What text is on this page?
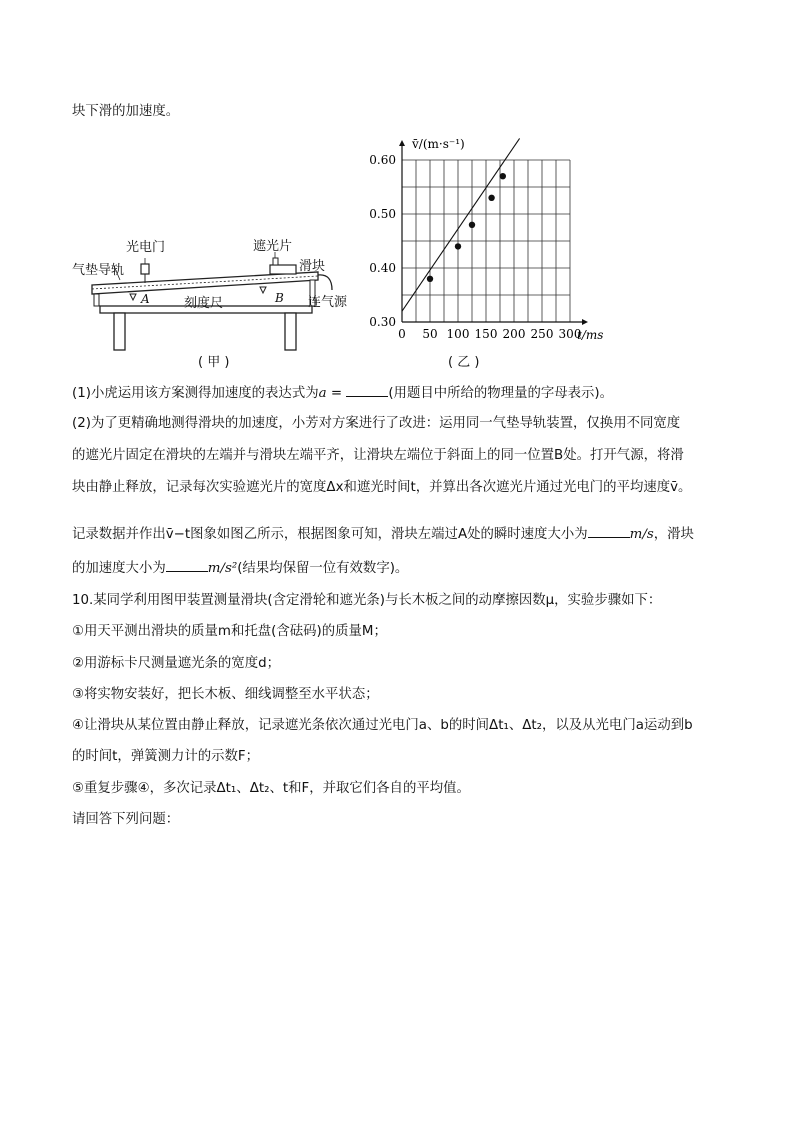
块下滑的加速度。
光电门
气垫导轨
遮光片
滑块
A	刻度尺	B 连气源
( 甲 )
0 50 100 150 200 250 300
0.30
0.40
0.50
0.60
v̄/(m·s⁻¹)
t/ms
( 乙 )
(1)小虎运用该方案测得加速度的表达式为a =	(用题目中所给的物理量的字母表示)。
(2)为了更精确地测得滑块的加速度，小芳对方案进行了改进：运用同一气垫导轨装置，仅换用不同宽度
的遮光片固定在滑块的左端并与滑块左端平齐，让滑块左端位于斜面上的同一位置B处。打开气源，将滑
块由静止释放，记录每次实验遮光片的宽度Δx和遮光时间t，并算出各次遮光片通过光电门的平均速度v̄。
记录数据并作出v̄−t图象如图乙所示，根据图象可知，滑块左端过A处的瞬时速度大小为	m/s，滑块
的加速度大小为	m/s²(结果均保留一位有效数字)。
10.某同学利用图甲装置测量滑块(含定滑轮和遮光条)与长木板之间的动摩擦因数μ，实验步骤如下：
①用天平测出滑块的质量m和托盘(含砝码)的质量M；
②用游标卡尺测量遮光条的宽度d；
③将实物安装好，把长木板、细线调整至水平状态；
④让滑块从某位置由静止释放，记录遮光条依次通过光电门a、b的时间Δt₁、Δt₂，以及从光电门a运动到b
的时间t，弹簧测力计的示数F；
⑤重复步骤④，多次记录Δt₁、Δt₂、t和F，并取它们各自的平均值。
请回答下列问题：
